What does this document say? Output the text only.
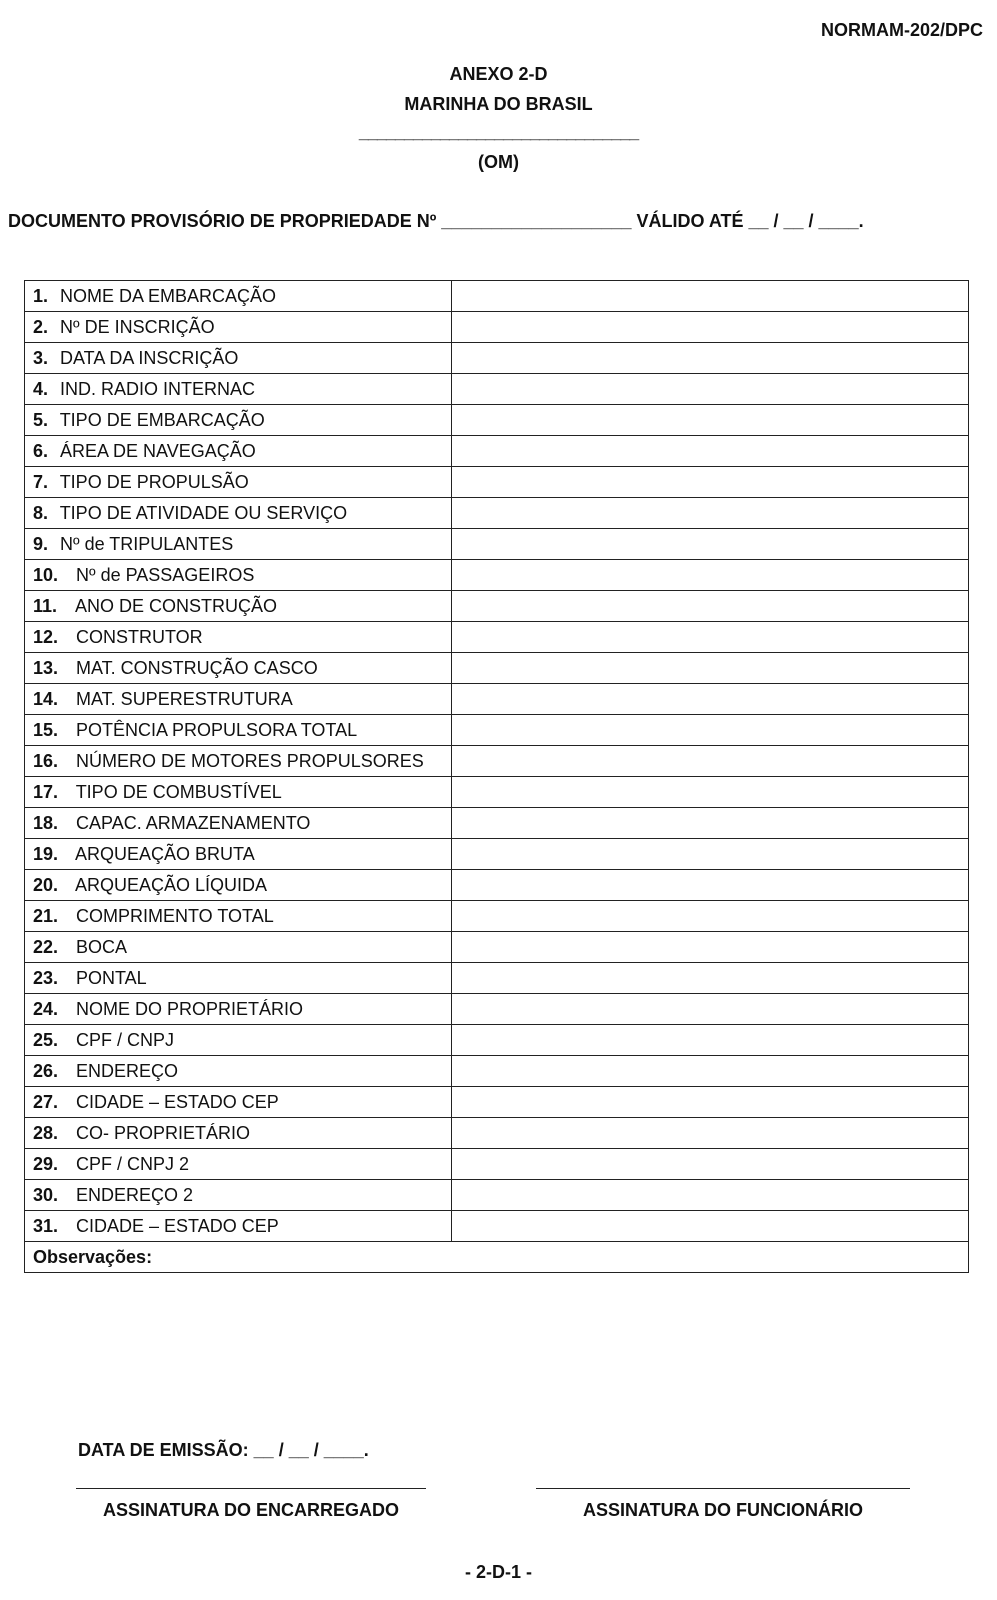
NORMAM-202/DPC
ANEXO 2-D
MARINHA DO BRASIL
_______________________________
(OM)
DOCUMENTO PROVISÓRIO DE PROPRIEDADE Nº ___________________ VÁLIDO ATÉ __ / __ / ____.
1. NOME DA EMBARCAÇÃO	
2. Nº DE INSCRIÇÃO	
3. DATA DA INSCRIÇÃO	
4. IND. RADIO INTERNAC	
5. TIPO DE EMBARCAÇÃO	
6. ÁREA DE NAVEGAÇÃO	
7. TIPO DE PROPULSÃO	
8. TIPO DE ATIVIDADE OU SERVIÇO	
9. Nº de TRIPULANTES	
10. Nº de PASSAGEIROS	
11. ANO DE CONSTRUÇÃO	
12. CONSTRUTOR	
13. MAT. CONSTRUÇÃO CASCO	
14. MAT. SUPERESTRUTURA	
15. POTÊNCIA PROPULSORA TOTAL	
16. NÚMERO DE MOTORES PROPULSORES	
17. TIPO DE COMBUSTÍVEL	
18. CAPAC. ARMAZENAMENTO	
19. ARQUEAÇÃO BRUTA	
20. ARQUEAÇÃO LÍQUIDA	
21. COMPRIMENTO TOTAL	
22. BOCA	
23. PONTAL	
24. NOME DO PROPRIETÁRIO	
25. CPF / CNPJ	
26. ENDEREÇO	
27. CIDADE – ESTADO CEP	
28. CO- PROPRIETÁRIO	
29. CPF / CNPJ 2	
30. ENDEREÇO 2	
31. CIDADE – ESTADO CEP	
Observações:	
DATA DE EMISSÃO: __ / __ / ____.
ASSINATURA DO ENCARREGADO	ASSINATURA DO FUNCIONÁRIO
- 2-D-1 -
